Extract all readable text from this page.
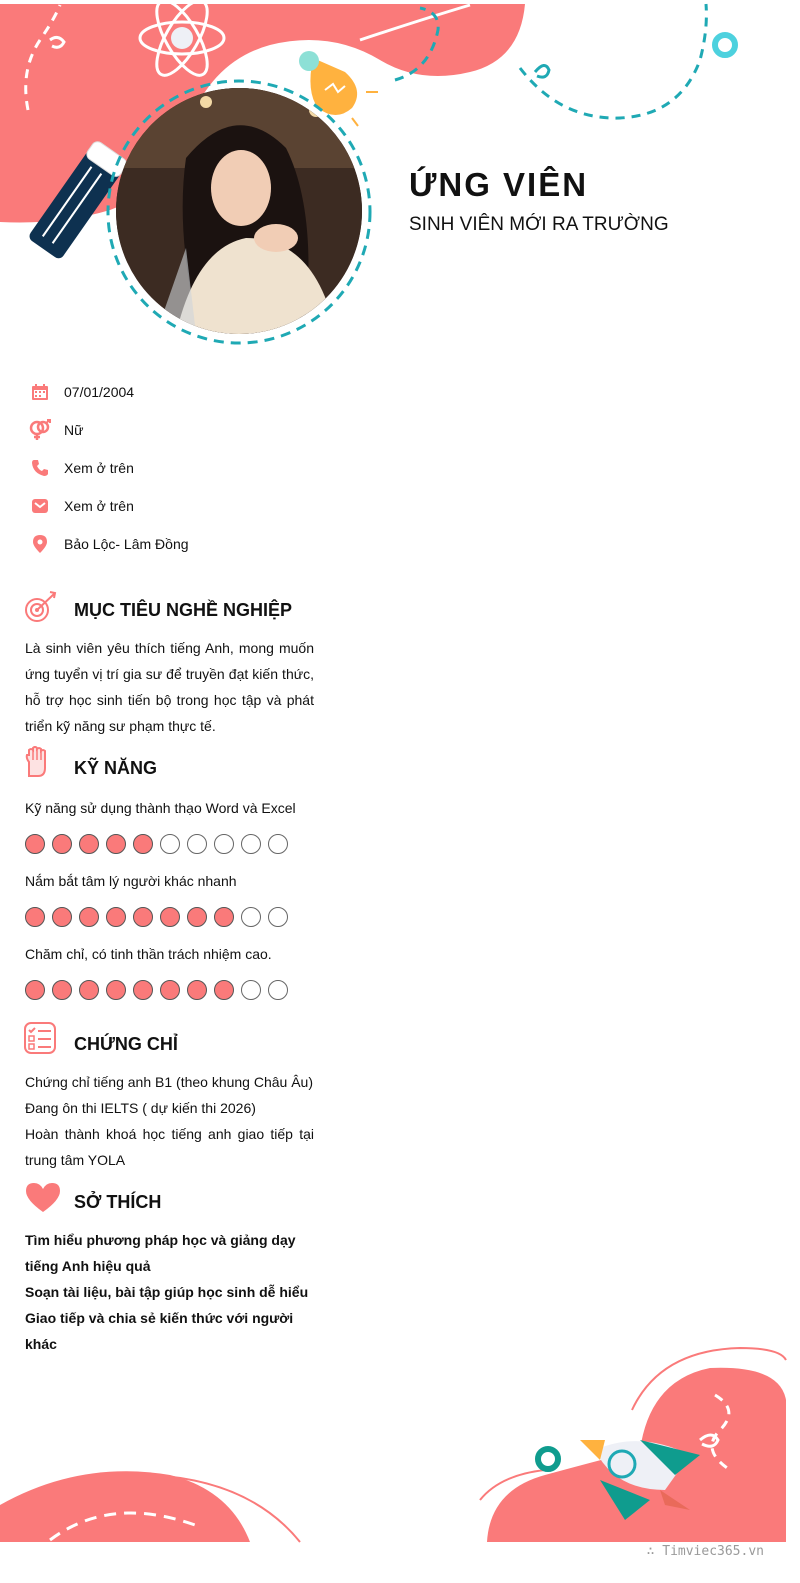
ỨNG VIÊN

SINH VIÊN MỚI RA TRƯỜNG

07/01/2004
Nữ
Xem ở trên
Xem ở trên
Bảo Lộc- Lâm Đồng
MỤC TIÊU NGHỀ NGHIỆP

Là sinh viên yêu thích tiếng Anh, mong muốn ứng tuyển vị trí gia sư để truyền đạt kiến thức, hỗ trợ học sinh tiến bộ trong học tập và phát triển kỹ năng sư phạm thực tế.

KỸ NĂNG
Kỹ năng sử dụng thành thạo Word và Excel
Nắm bắt tâm lý người khác nhanh
Chăm chỉ, có tinh thần trách nhiệm cao.
CHỨNG CHỈ
Chứng chỉ tiếng anh B1 (theo khung Châu Âu)
Đang ôn thi IELTS ( dự kiến thi 2026)
Hoàn thành khoá học tiếng anh giao tiếp tại trung tâm YOLA
SỞ THÍCH
Tìm hiểu phương pháp học và giảng dạy tiếng Anh hiệu quả
Soạn tài liệu, bài tập giúp học sinh dễ hiểu
Giao tiếp và chia sẻ kiến thức với người khác
∴ Timviec365.vn
